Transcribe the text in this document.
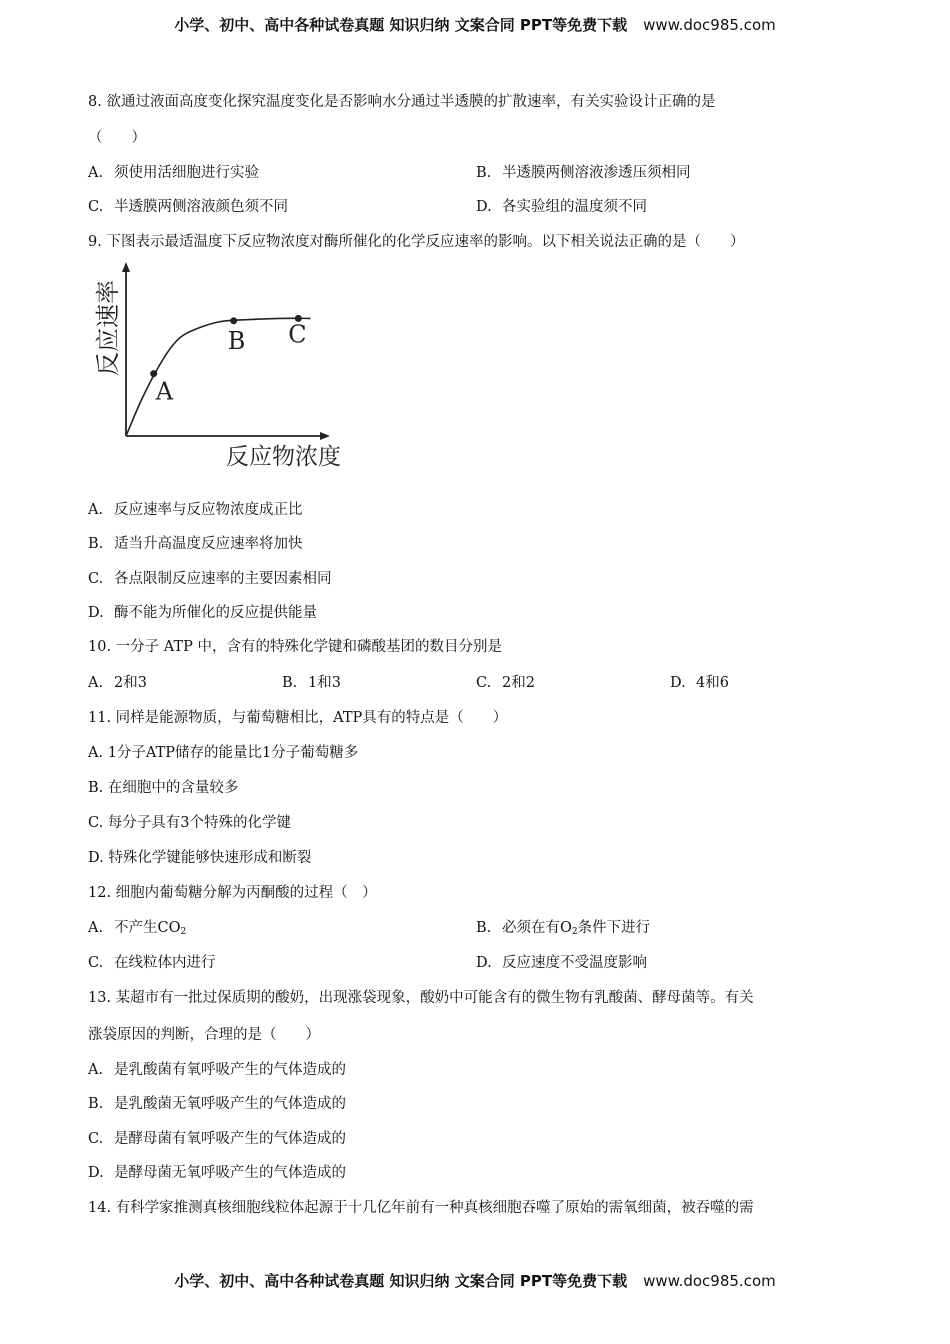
小学、初中、高中各种试卷真题 知识归纳 文案合同 PPT等免费下载 www.doc985.com
8. 欲通过液面高度变化探究温度变化是否影响水分通过半透膜的扩散速率，有关实验设计正确的是
（　　）
A. 须使用活细胞进行实验	B. 半透膜两侧溶液渗透压须相同
C. 半透膜两侧溶液颜色须不同	D. 各实验组的温度须不同
9. 下图表示最适温度下反应物浓度对酶所催化的化学反应速率的影响。以下相关说法正确的是（　　）
A
B C
反应速率
反应物浓度
A. 反应速率与反应物浓度成正比
B. 适当升高温度反应速率将加快
C. 各点限制反应速率的主要因素相同
D. 酶不能为所催化的反应提供能量
10. 一分子 ATP 中，含有的特殊化学键和磷酸基团的数目分别是
A. 2和3	B. 1和3	C. 2和2	D. 4和6
11. 同样是能源物质，与葡萄糖相比，ATP具有的特点是（　　）
A. 1分子ATP储存的能量比1分子葡萄糖多
B. 在细胞中的含量较多
C. 每分子具有3个特殊的化学键
D. 特殊化学键能够快速形成和断裂
12. 细胞内葡萄糖分解为丙酮酸的过程（　）
A. 不产生$CO_2$	B. 必须在有$O_2$条件下进行
C. 在线粒体内进行	D. 反应速度不受温度影响
13. 某超市有一批过保质期的酸奶，出现涨袋现象，酸奶中可能含有的微生物有乳酸菌、酵母菌等。有关
涨袋原因的判断，合理的是（　　）
A. 是乳酸菌有氧呼吸产生的气体造成的
B. 是乳酸菌无氧呼吸产生的气体造成的
C. 是酵母菌有氧呼吸产生的气体造成的
D. 是酵母菌无氧呼吸产生的气体造成的
14. 有科学家推测真核细胞线粒体起源于十几亿年前有一种真核细胞吞噬了原始的需氧细菌，被吞噬的需
小学、初中、高中各种试卷真题 知识归纳 文案合同 PPT等免费下载 www.doc985.com
